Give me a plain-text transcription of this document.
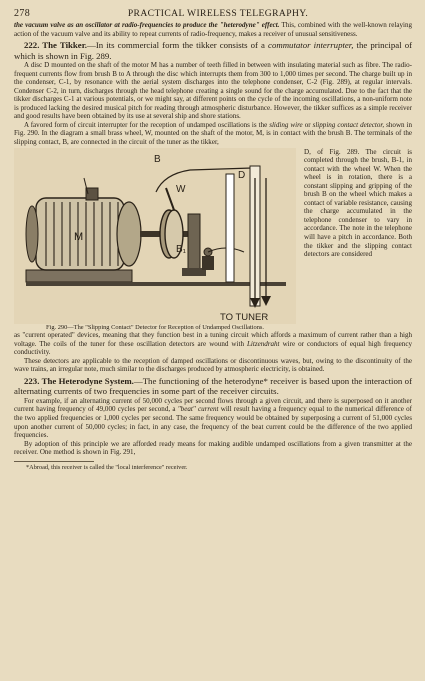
278	PRACTICAL WIRELESS TELEGRAPHY.

the vacuum valve as an oscillator at radio-frequencies to produce the "heterodyne" effect. This, combined with the well-known relaying action of the vacuum valve and its ability to repeat currents of radio-frequency, makes a receiver of unusual sensitiveness.

222. The Tikker.—In its commercial form the tikker consists of a commutator interrupter, the principal of which is shown in Fig. 289.

A disc D mounted on the shaft of the motor M has a number of teeth filled in between with insulating material such as fibre. The radio-frequent currents flow from brush B to A through the disc which interrupts them from 300 to 1,000 times per second. The charge built up in the condenser, C-1, by resonance with the aerial system discharges into the telephone condenser, C-2 (Fig. 289), at regular intervals. Condenser C-2, in turn, discharges through the head telephone creating a single sound for the charge accumulated. Due to the fact that the tikker discharges C-1 at various potentials, or we might say, at different points on the cycle of the incoming oscillations, a non-uniform note is produced lacking the desired musical pitch for reading through atmospheric disturbance. However, the tikker suffices as a simple receiver and good results have been obtained by its use at several ship and shore stations.

A favored form of circuit interrupter for the reception of undamped oscillations is the sliding wire or slipping contact detector, shown in Fig. 290. In the diagram a small brass wheel, W, mounted on the shaft of the motor, M, is in contact with the brush B. The terminals of the slipping contact, B, are connected in the circuit of the tuner as the tikker,

B
D
W
M
B₁
TO TUNER
Fig. 290—The "Slipping Contact" Detector for Reception of Undamped Oscillations.

D, of Fig. 289. The circuit is completed through the brush, B-1, in contact with the wheel W. When the wheel is in rotation, there is a constant slipping and gripping of the brush B on the wheel which makes a contact of variable resistance, causing the charge accumulated in the telephone condenser to vary in accordance. The note in the telephone will have a pitch in accordance. Both the tikker and the slipping contact detectors are considered

as "current operated" devices, meaning that they function best in a tuning circuit which affords a maximum of current rather than a high voltage. The coils of the tuner for these oscillation detectors are wound with Litzendraht wire or conductors of equal high frequency conductivity.

These detectors are applicable to the reception of damped oscillations or discontinuous waves, but, owing to the discontinuity of the wave trains, an irregular note, much similar to the discharges produced by atmospheric electricity, is obtained.

223. The Heterodyne System.—The functioning of the heterodyne* receiver is based upon the interaction of alternating currents of two frequencies in some part of the receiver circuits.

For example, if an alternating current of 50,000 cycles per second flows through a given circuit, and there is superposed on it another current having frequency of 49,000 cycles per second, a "beat" current will result having a frequency equal to the numerical difference of the two applied frequencies or 1,000 cycles per second. The same frequency would be obtained by superposing a current of 51,000 cycles upon another current of 50,000 cycles; in fact, in any case, the frequency of the beat current could be the difference of the two applied frequencies.

By adoption of this principle we are afforded ready means for making audible undamped oscillations from a given transmitter at the receiver. One method is shown in Fig. 291,

*Abroad, this receiver is called the "local interference" receiver.
